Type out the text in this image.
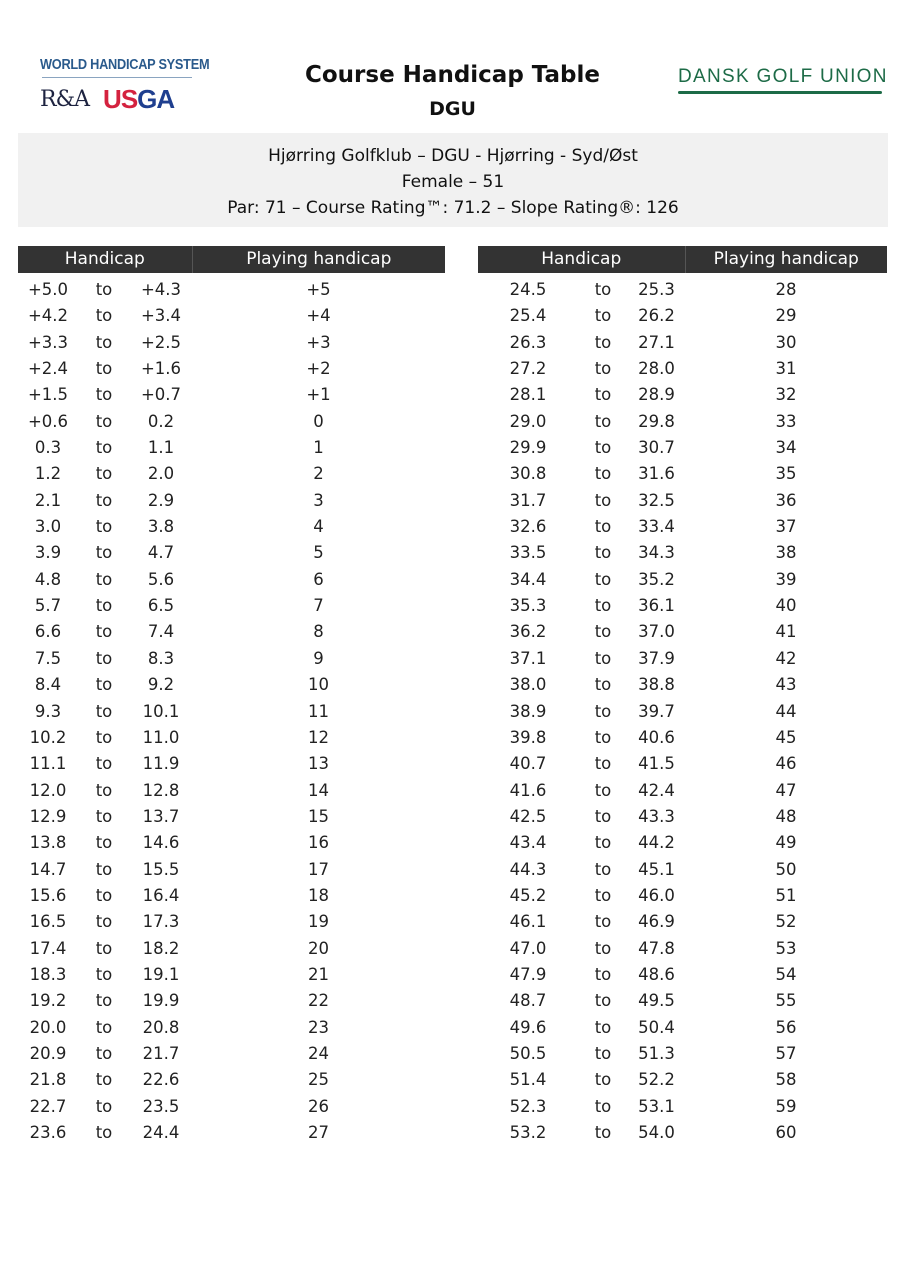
WORLD HANDICAP SYSTEM
R&A USGA
Course Handicap Table
DGU
DANSK GOLF UNION
Hjørring Golfklub – DGU - Hjørring - Syd/Øst
Female – 51
Par: 71 – Course Rating™: 71.2 – Slope Rating®: 126
Handicap	Playing handicap
+5.0	to	+4.3	+5
+4.2	to	+3.4	+4
+3.3	to	+2.5	+3
+2.4	to	+1.6	+2
+1.5	to	+0.7	+1
+0.6	to	0.2	0
0.3	to	1.1	1
1.2	to	2.0	2
2.1	to	2.9	3
3.0	to	3.8	4
3.9	to	4.7	5
4.8	to	5.6	6
5.7	to	6.5	7
6.6	to	7.4	8
7.5	to	8.3	9
8.4	to	9.2	10
9.3	to	10.1	11
10.2	to	11.0	12
11.1	to	11.9	13
12.0	to	12.8	14
12.9	to	13.7	15
13.8	to	14.6	16
14.7	to	15.5	17
15.6	to	16.4	18
16.5	to	17.3	19
17.4	to	18.2	20
18.3	to	19.1	21
19.2	to	19.9	22
20.0	to	20.8	23
20.9	to	21.7	24
21.8	to	22.6	25
22.7	to	23.5	26
23.6	to	24.4	27
Handicap	Playing handicap
24.5	to	25.3	28
25.4	to	26.2	29
26.3	to	27.1	30
27.2	to	28.0	31
28.1	to	28.9	32
29.0	to	29.8	33
29.9	to	30.7	34
30.8	to	31.6	35
31.7	to	32.5	36
32.6	to	33.4	37
33.5	to	34.3	38
34.4	to	35.2	39
35.3	to	36.1	40
36.2	to	37.0	41
37.1	to	37.9	42
38.0	to	38.8	43
38.9	to	39.7	44
39.8	to	40.6	45
40.7	to	41.5	46
41.6	to	42.4	47
42.5	to	43.3	48
43.4	to	44.2	49
44.3	to	45.1	50
45.2	to	46.0	51
46.1	to	46.9	52
47.0	to	47.8	53
47.9	to	48.6	54
48.7	to	49.5	55
49.6	to	50.4	56
50.5	to	51.3	57
51.4	to	52.2	58
52.3	to	53.1	59
53.2	to	54.0	60
